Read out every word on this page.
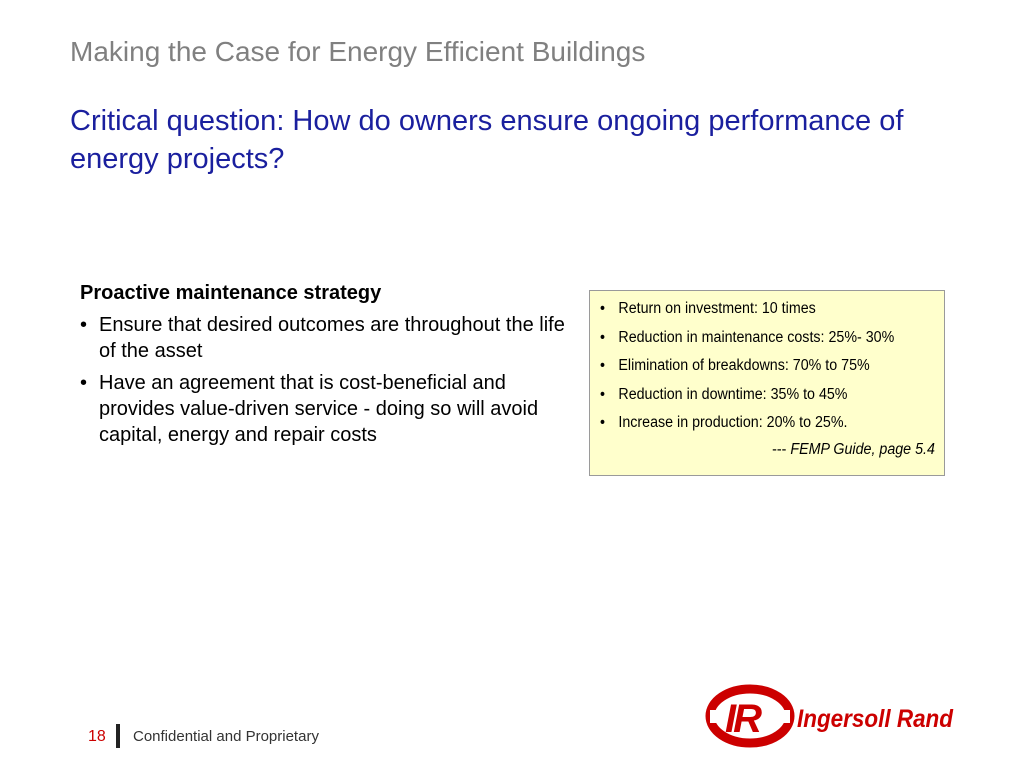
Making the Case for Energy Efficient Buildings
Critical question: How do owners ensure ongoing performance of energy projects?
Proactive maintenance strategy
• Ensure that desired outcomes are throughout the life of the asset
• Have an agreement that is cost-beneficial and provides value-driven service - doing so will avoid capital, energy and repair costs
• Return on investment: 10 times
• Reduction in maintenance costs: 25%- 30%
• Elimination of breakdowns: 70% to 75%
• Reduction in downtime: 35% to 45%
• Increase in production: 20% to 25%.
--- FEMP Guide, page 5.4
IR Ingersoll Rand
18 Confidential and Proprietary
